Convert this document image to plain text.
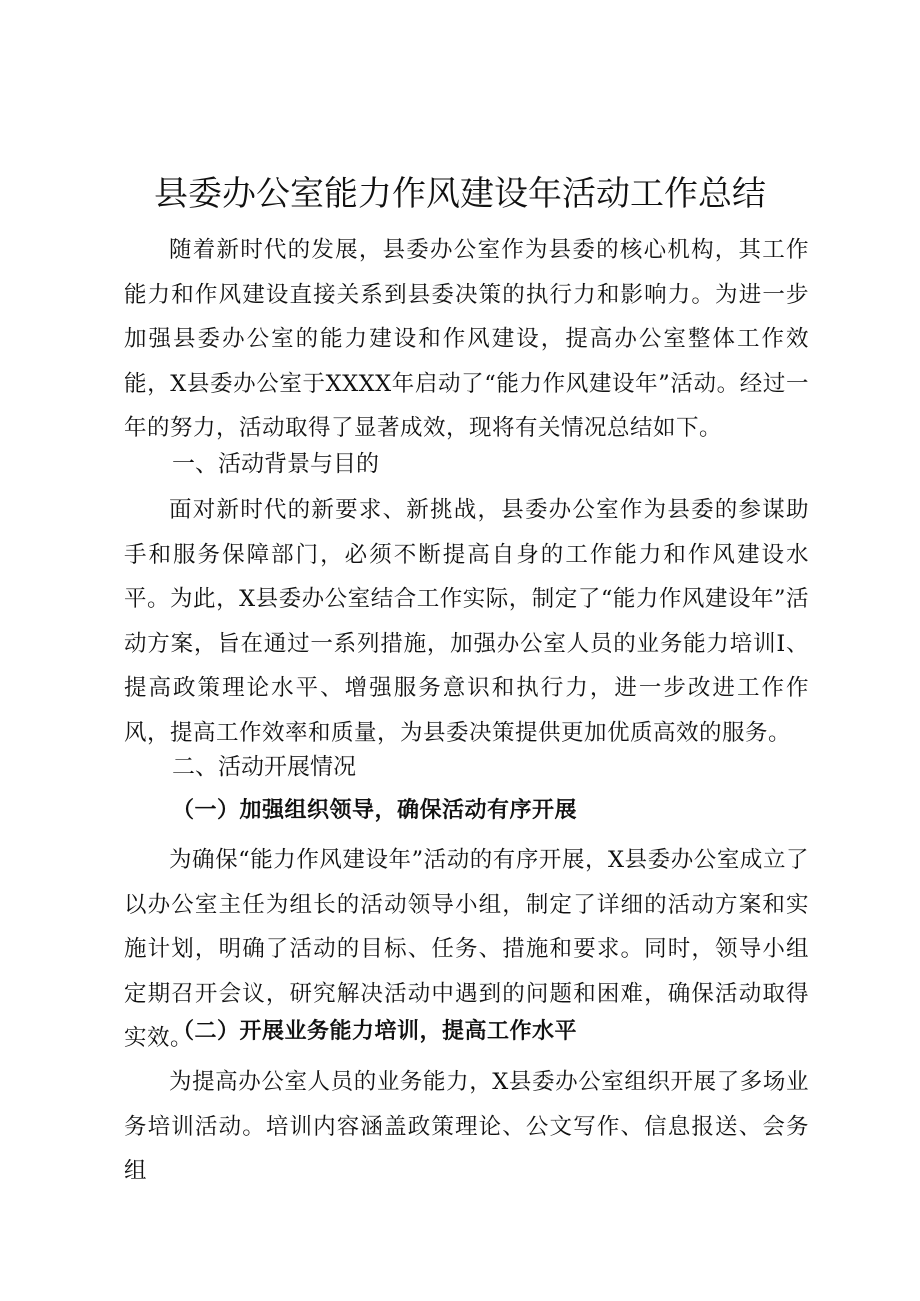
县委办公室能力作风建设年活动工作总结
随着新时代的发展，县委办公室作为县委的核心机构，其工作能力和作风建设直接关系到县委决策的执行力和影响力。为进一步加强县委办公室的能力建设和作风建设，提高办公室整体工作效能，X县委办公室于XXXX年启动了“能力作风建设年”活动。经过一年的努力，活动取得了显著成效，现将有关情况总结如下。
一、活动背景与目的
面对新时代的新要求、新挑战，县委办公室作为县委的参谋助手和服务保障部门，必须不断提高自身的工作能力和作风建设水平。为此，X县委办公室结合工作实际，制定了“能力作风建设年”活动方案，旨在通过一系列措施，加强办公室人员的业务能力培训I、提高政策理论水平、增强服务意识和执行力，进一步改进工作作风，提高工作效率和质量，为县委决策提供更加优质高效的服务。
二、活动开展情况
（一）加强组织领导，确保活动有序开展
为确保“能力作风建设年”活动的有序开展，X县委办公室成立了以办公室主任为组长的活动领导小组，制定了详细的活动方案和实施计划，明确了活动的目标、任务、措施和要求。同时，领导小组定期召开会议，研究解决活动中遇到的问题和困难，确保活动取得实效。
（二）开展业务能力培训，提高工作水平
为提高办公室人员的业务能力，X县委办公室组织开展了多场业务培训活动。培训内容涵盖政策理论、公文写作、信息报送、会务组
